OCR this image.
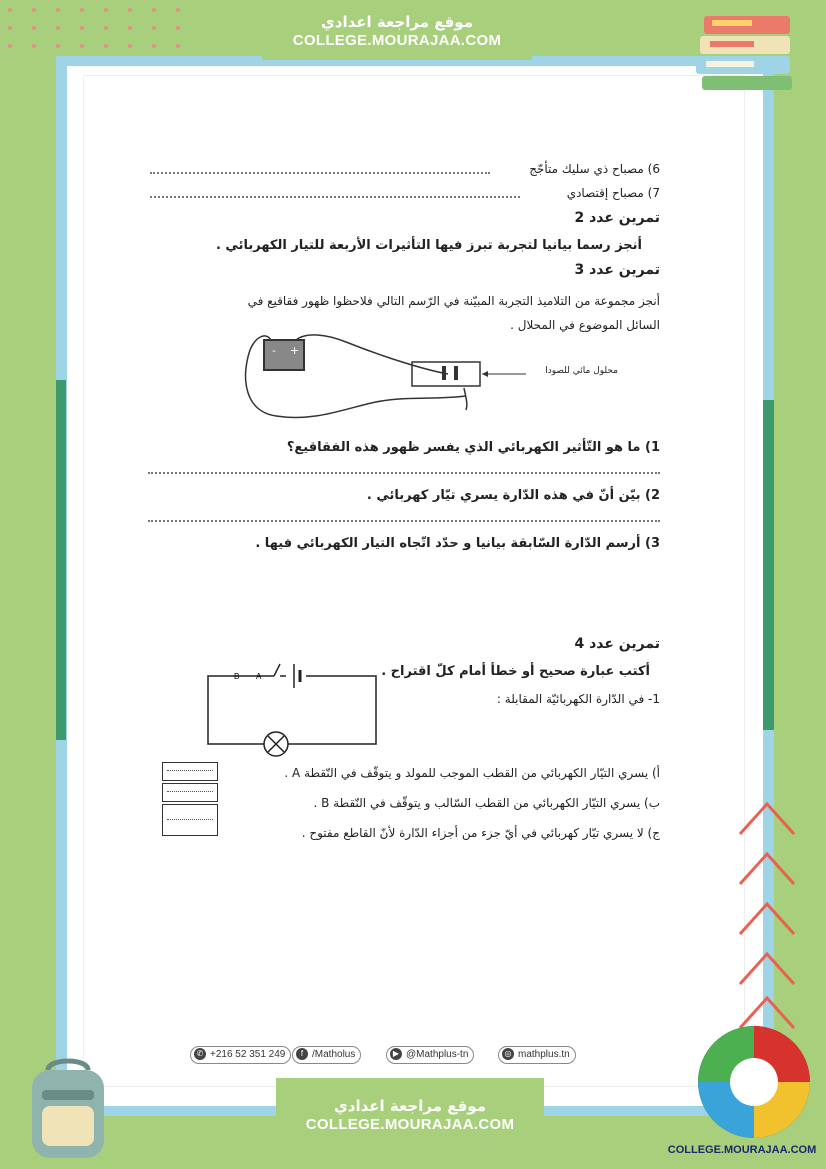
موقع مراجعة اعدادي
COLLEGE.MOURAJAA.COM
6) مصباح ذي سليك متأجّج
7) مصباح إقتصادي
تمرين عدد 2
أنجز رسما بيانيا لتجربة تبرز فيها التأثيرات الأربعة للتيار الكهربائي .
تمرين عدد 3
أنجز مجموعة من التلاميذ التجربة المبيّنة في الرّسم التالي فلاحظوا ظهور فقاقيع في
السائل الموضوع في المحلال .
1) ما هو التّأثير الكهربائي الذي يفسر ظهور هذه الفقاقيع؟
2) بيّن أنّ في هذه الدّارة يسري تيّار كهربائي .
3) أرسم الدّارة السّابقة بيانيا و حدّد اتّجاه التيار الكهربائي فيها .
تمرين عدد 4
أكتب عبارة صحيح أو خطأ أمام كلّ اقتراح .
1- في الدّارة الكهربائيّة المقابلة :
أ) يسري التيّار الكهربائي من القطب الموجب للمولد و يتوقّف في النّقطة A .
ب) يسري التيّار الكهربائي من القطب السّالب و يتوقّف في النّقطة B .
ج) لا يسري تيّار كهربائي في أيّ جزء من أجزاء الدّارة لأنّ القاطع مفتوح .
- +
محلول مائي للصودا
B A
✆ +216 52 351 249	f /Matholus	▶ @Mathplus-tn	◎ mathplus.tn
موقع مراجعة اعدادي
COLLEGE.MOURAJAA.COM
COLLEGE.MOURAJAA.COM
